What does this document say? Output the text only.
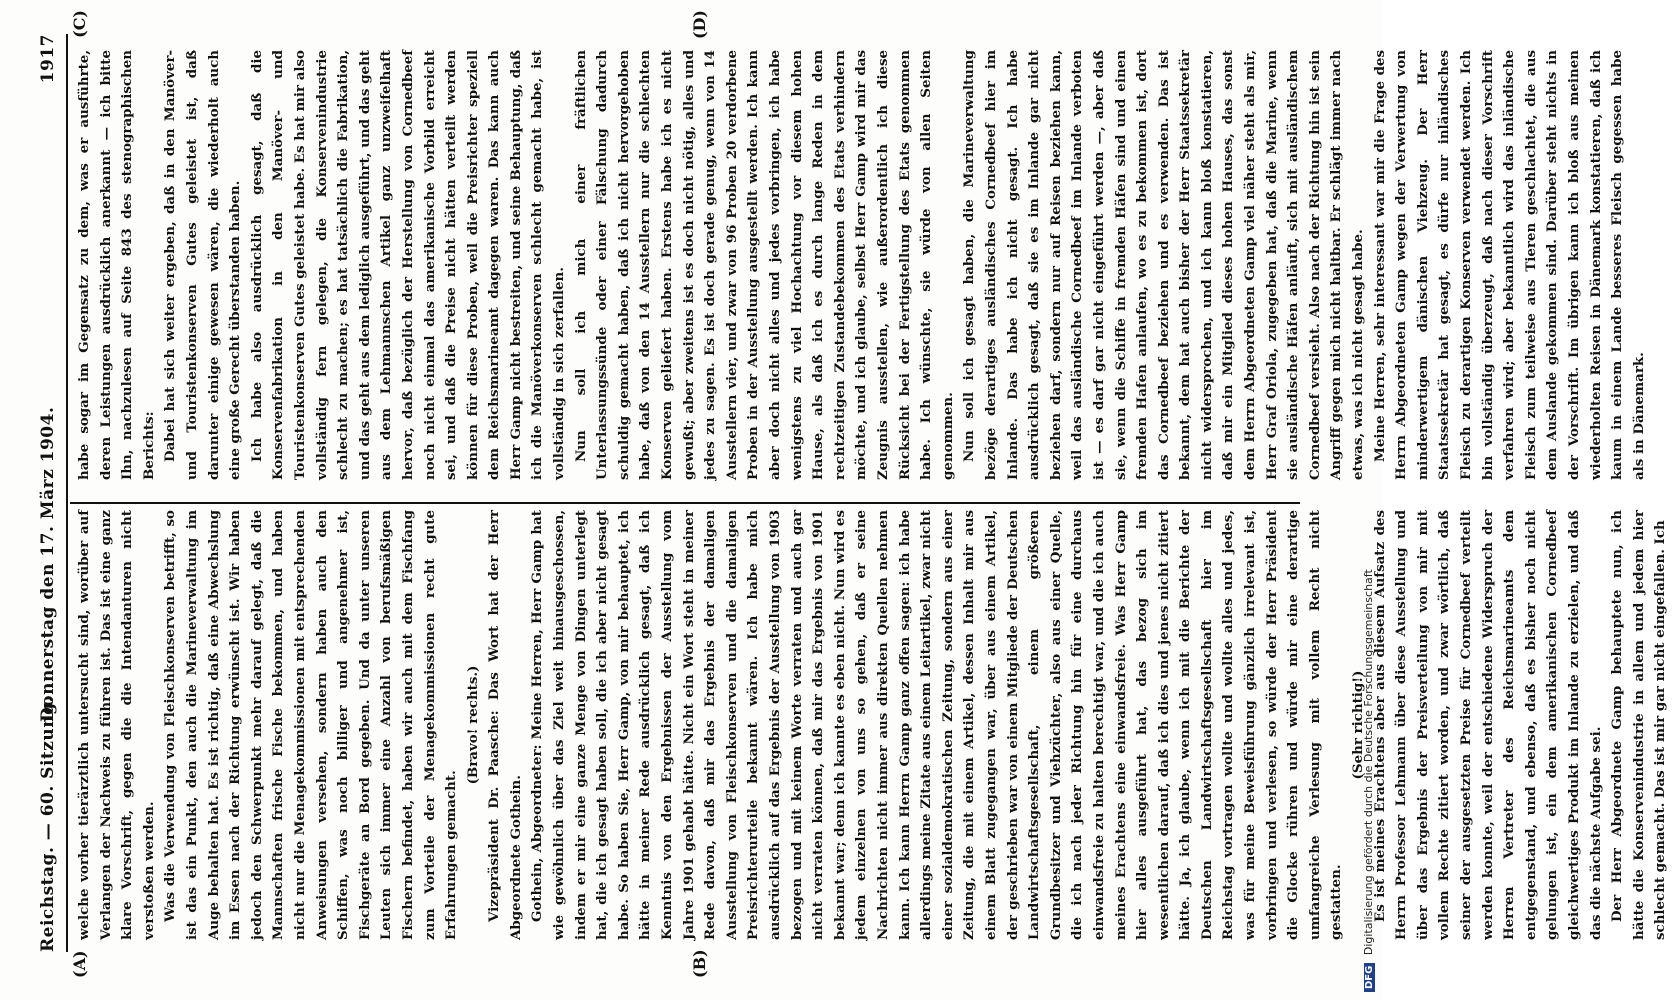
Reichstag. — 60. Sitzung.
Donnerstag den 17. März 1904.
1917
(A)	(B)
(C)	(D)

welche vorher tierärztlich untersucht sind, worüber auf Verlangen der Nachweis zu führen ist. Das ist eine ganz klare Vorschrift, gegen die die Intendanturen nicht verstoßen werden. Was die Verwendung von Fleischkonserven betrifft, so ist das ein Punkt, den auch die Marineverwaltung im Auge behalten hat. Es ist richtig, daß eine Abwechslung im Essen nach der Richtung erwünscht ist. Wir haben jedoch den Schwerpunkt mehr darauf gelegt, daß die Mannschaften frische Fische bekommen, und haben nicht nur die Menagekommissionen mit entsprechenden Anweisungen versehen, sondern haben auch den Schiffen, was noch billiger und angenehmer ist, Fischgeräte an Bord gegeben. Und da unter unseren Leuten sich immer eine Anzahl von berufsmäßigen Fischern befindet, haben wir auch mit dem Fischfang zum Vorteile der Menagekommissionen recht gute Erfahrungen gemacht.

(Bravo! rechts.) Vizepräsident Dr. Paasche: Das Wort hat der Herr Abgeordnete Gothein. Gothein, Abgeordneter: Meine Herren, Herr Gamp hat wie gewöhnlich über das Ziel weit hinausgeschossen, indem er mir eine ganze Menge von Dingen unterlegt hat, die ich gesagt haben soll, die ich aber nicht gesagt habe. So haben Sie, Herr Gamp, von mir behauptet, ich hätte in meiner Rede ausdrücklich gesagt, daß ich Kenntnis von den Ergebnissen der Ausstellung vom Jahre 1901 gehabt hätte. Nicht ein Wort steht in meiner Rede davon, daß mir das Ergebnis der damaligen Ausstellung von Fleischkonserven und die damaligen Preisrichterurteile bekannt wären. Ich habe mich ausdrücklich auf das Ergebnis der Ausstellung von 1903 bezogen und mit keinem Worte verraten und auch gar nicht verraten können, daß mir das Ergebnis von 1901 bekannt war; denn ich kannte es eben nicht. Nun wird es jedem einzelnen von uns so gehen, daß er seine Nachrichten nicht immer aus direkten Quellen nehmen kann. Ich kann Herrn Gamp ganz offen sagen: ich habe allerdings meine Zitate aus einem Leitartikel, zwar nicht einer sozialdemokratischen Zeitung, sondern aus einer Zeitung, die mit einem Artikel, dessen Inhalt mir aus einem Blatt zugegangen war, über aus einem Artikel, der geschrieben war von einem Mitgliede der Deutschen Landwirtschaftsgesellschaft, einem größeren Grundbesitzer und Viehzüchter, also aus einer Quelle, die ich nach jeder Richtung hin für eine durchaus einwandsfreie zu halten berechtigt war, und die ich auch meines Erachtens eine einwandsfreie. Was Herr Gamp hier alles ausgeführt hat, das bezog sich im wesentlichen darauf, daß ich dies und jenes nicht zitiert hätte. Ja, ich glaube, wenn ich mit die Berichte der Deutschen Landwirtschaftsgesellschaft hier im Reichstag vortragen wollte und wollte alles und jedes, was für meine Beweisführung gänzlich irrelevant ist, vorbringen und verlesen, so würde der Herr Präsident die Glocke rühren und würde mir eine derartige umfangreiche Verlesung mit vollem Recht nicht gestatten.

(Sehr richtig!) Es ist meines Erachtens aber aus diesem Aufsatz des Herrn Professor Lehmann über diese Ausstellung und über das Ergebnis der Preisverteilung von mir mit vollem Rechte zitiert worden, und zwar wörtlich, daß seiner der ausgesetzten Preise für Cornedbeef verteilt werden konnte, weil der entschiedene Widerspruch der Herren Vertreter des Reichsmarineamts dem entgegenstand, und ebenso, daß es bisher noch nicht gelungen ist, ein dem amerikanischen Cornedbeef gleichwertiges Produkt im Inlande zu erzielen, und daß das die nächste Aufgabe sei. Der Herr Abgeordnete Gamp behauptete nun, ich hätte die Konservenindustrie in allem und jedem hier schlecht gemacht. Das ist mir gar nicht eingefallen. Ich

habe sogar im Gegensatz zu dem, was er ausführte, deren Leistungen ausdrücklich anerkannt — ich bitte Ihn, nachzulesen auf Seite 843 des stenographischen Berichts: Dabei hat sich weiter ergeben, daß in den Manöver- und Touristenkonserven Gutes geleistet ist, daß darunter einige gewesen wären, die wiederholt auch eine große Gerecht überstanden haben. Ich habe also ausdrücklich gesagt, daß die Konservenfabrikation in den Manöver- und Touristenkonserven Gutes geleistet habe. Es hat mir also vollständig fern gelegen, die Konservenindustrie schlecht zu machen; es hat tatsächlich die Fabrikation, und das geht aus dem lediglich ausgeführt, und das geht aus dem Lehmannschen Artikel ganz unzweifelhaft hervor, daß bezüglich der Herstellung von Cornedbeef noch nicht einmal das amerikanische Vorbild erreicht sei, und daß die Preise nicht hätten verteilt werden können für diese Proben, weil die Preisrichter speziell dem Reichsmarineamt dagegen waren. Das kann auch Herr Gamp nicht bestreiten, und seine Behauptung, daß ich die Manöverkonserven schlecht gemacht habe, ist vollständig in sich zerfallen. Nun soll ich mich einer fräftlichen Unterlassungssünde oder einer Fälschung dadurch schuldig gemacht haben, daß ich nicht hervorgehoben habe, daß von den 14 Ausstellern nur die schlechten Konserven geliefert haben. Erstens habe ich es nicht gewußt; aber zweitens ist es doch nicht nötig, alles und jedes zu sagen. Es ist doch gerade genug, wenn von 14 Ausstellern vier, und zwar von 96 Proben 20 verdorbene Proben in der Ausstellung ausgestellt werden. Ich kann aber doch nicht alles und jedes vorbringen, ich habe wenigstens zu viel Hochachtung vor diesem hohen Hause, als daß ich es durch lange Reden in dem rechtzeitigen Zustandebekommen des Etats verhindern möchte, und ich glaube, selbst Herr Gamp wird mir das Zeugnis ausstellen, wie außerordentlich ich diese Rücksicht bei der Fertigstellung des Etats genommen habe. Ich wünschte, sie würde von allen Seiten genommen. Nun soll ich gesagt haben, die Marineverwaltung bezöge derartiges ausländisches Cornedbeef hier im Inlande. Das habe ich nicht gesagt. Ich habe ausdrücklich gesagt, daß sie es im Inlande gar nicht beziehen darf, sondern nur auf Reisen beziehen kann, weil das ausländische Cornedbeef im Inlande verboten ist — es darf gar nicht eingeführt werden —, aber daß sie, wenn die Schiffe in fremden Häfen sind und einen fremden Hafen anlaufen, wo es zu bekommen ist, dort das Cornedbeef beziehen und es verwenden. Das ist bekannt, dem hat auch bisher der Herr Staatssekretär nicht widersprochen, und ich kann bloß konstatieren, daß mir ein Mitglied dieses hohen Hauses, das sonst dem Herrn Abgeordneten Gamp viel näher steht als mir, Herr Graf Oriola, zugegeben hat, daß die Marine, wenn sie ausländische Häfen anläuft, sich mit ausländischem Cornedbeef versieht. Also nach der Richtung hin ist sein Angriff gegen mich nicht haltbar. Er schlägt immer nach etwas, was ich nicht gesagt habe. Meine Herren, sehr interessant war mir die Frage des Herrn Abgeordneten Gamp wegen der Verwertung von minderwertigem dänischen Viehzeug. Der Herr Staatssekretär hat gesagt, es dürfe nur inländisches Fleisch zu derartigen Konserven verwendet werden. Ich bin vollständig überzeugt, daß nach dieser Vorschrift verfahren wird; aber bekanntlich wird das inländische Fleisch zum teilweise aus Tieren geschlachtet, die aus dem Auslande gekommen sind. Darüber steht nichts in der Vorschrift. Im übrigen kann ich bloß aus meinen wiederholten Reisen in Dänemark konstatieren, daß ich kaum in einem Lande besseres Fleisch gegessen habe als in Dänemark.

DFG Digitalisierung gefördert durch die Deutsche Forschungsgemeinschaft
